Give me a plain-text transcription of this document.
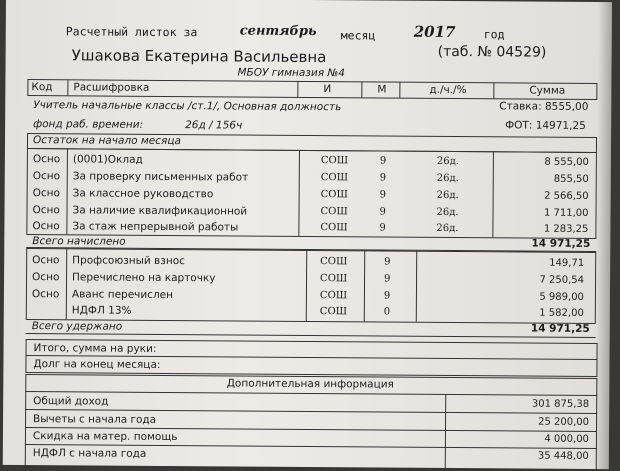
Расчетный листок за	сентябрь месяц	2017 год
Ушакова Екатерина Васильевна	(таб. № 04529)
МБОУ гимназия №4
Код Расшифровка	И	М	д./ч./%	Сумма
Учитель начальные классы /ст.1/, Основная должность	Ставка: 8555,00
фонд раб. времени:	26д / 156ч	ФОТ: 14971,25
Остаток на начало месяца
Осно (0001)Оклад	СОШ	9	26д.	8 555,00
Осно За проверку письменных работ	СОШ	9	26д.	855,50
Осно За классное руководство	СОШ	9	26д.	2 566,50
Осно За наличие квалификационной	СОШ	9	26д.	1 711,00
Осно За стаж непрерывной работы	СОШ	9	26д.	1 283,25
Всего начислено	14 971,25
Осно Профсоюзный взнос	СОШ	9	149,71
Осно Перечислено на карточку	СОШ	9	7 250,54
Осно Аванс перечислен	СОШ	9	5 989,00
НДФЛ 13%	СОШ	0	1 582,00
Всего удержано	14 971,25
Итого, сумма на руки:
Долг на конец месяца:
Дополнительная информация
Общий доход	301 875,38
Вычеты с начала года	25 200,00
Скидка на матер. помощь	4 000,00
НДФЛ с начала года	35 448,00
